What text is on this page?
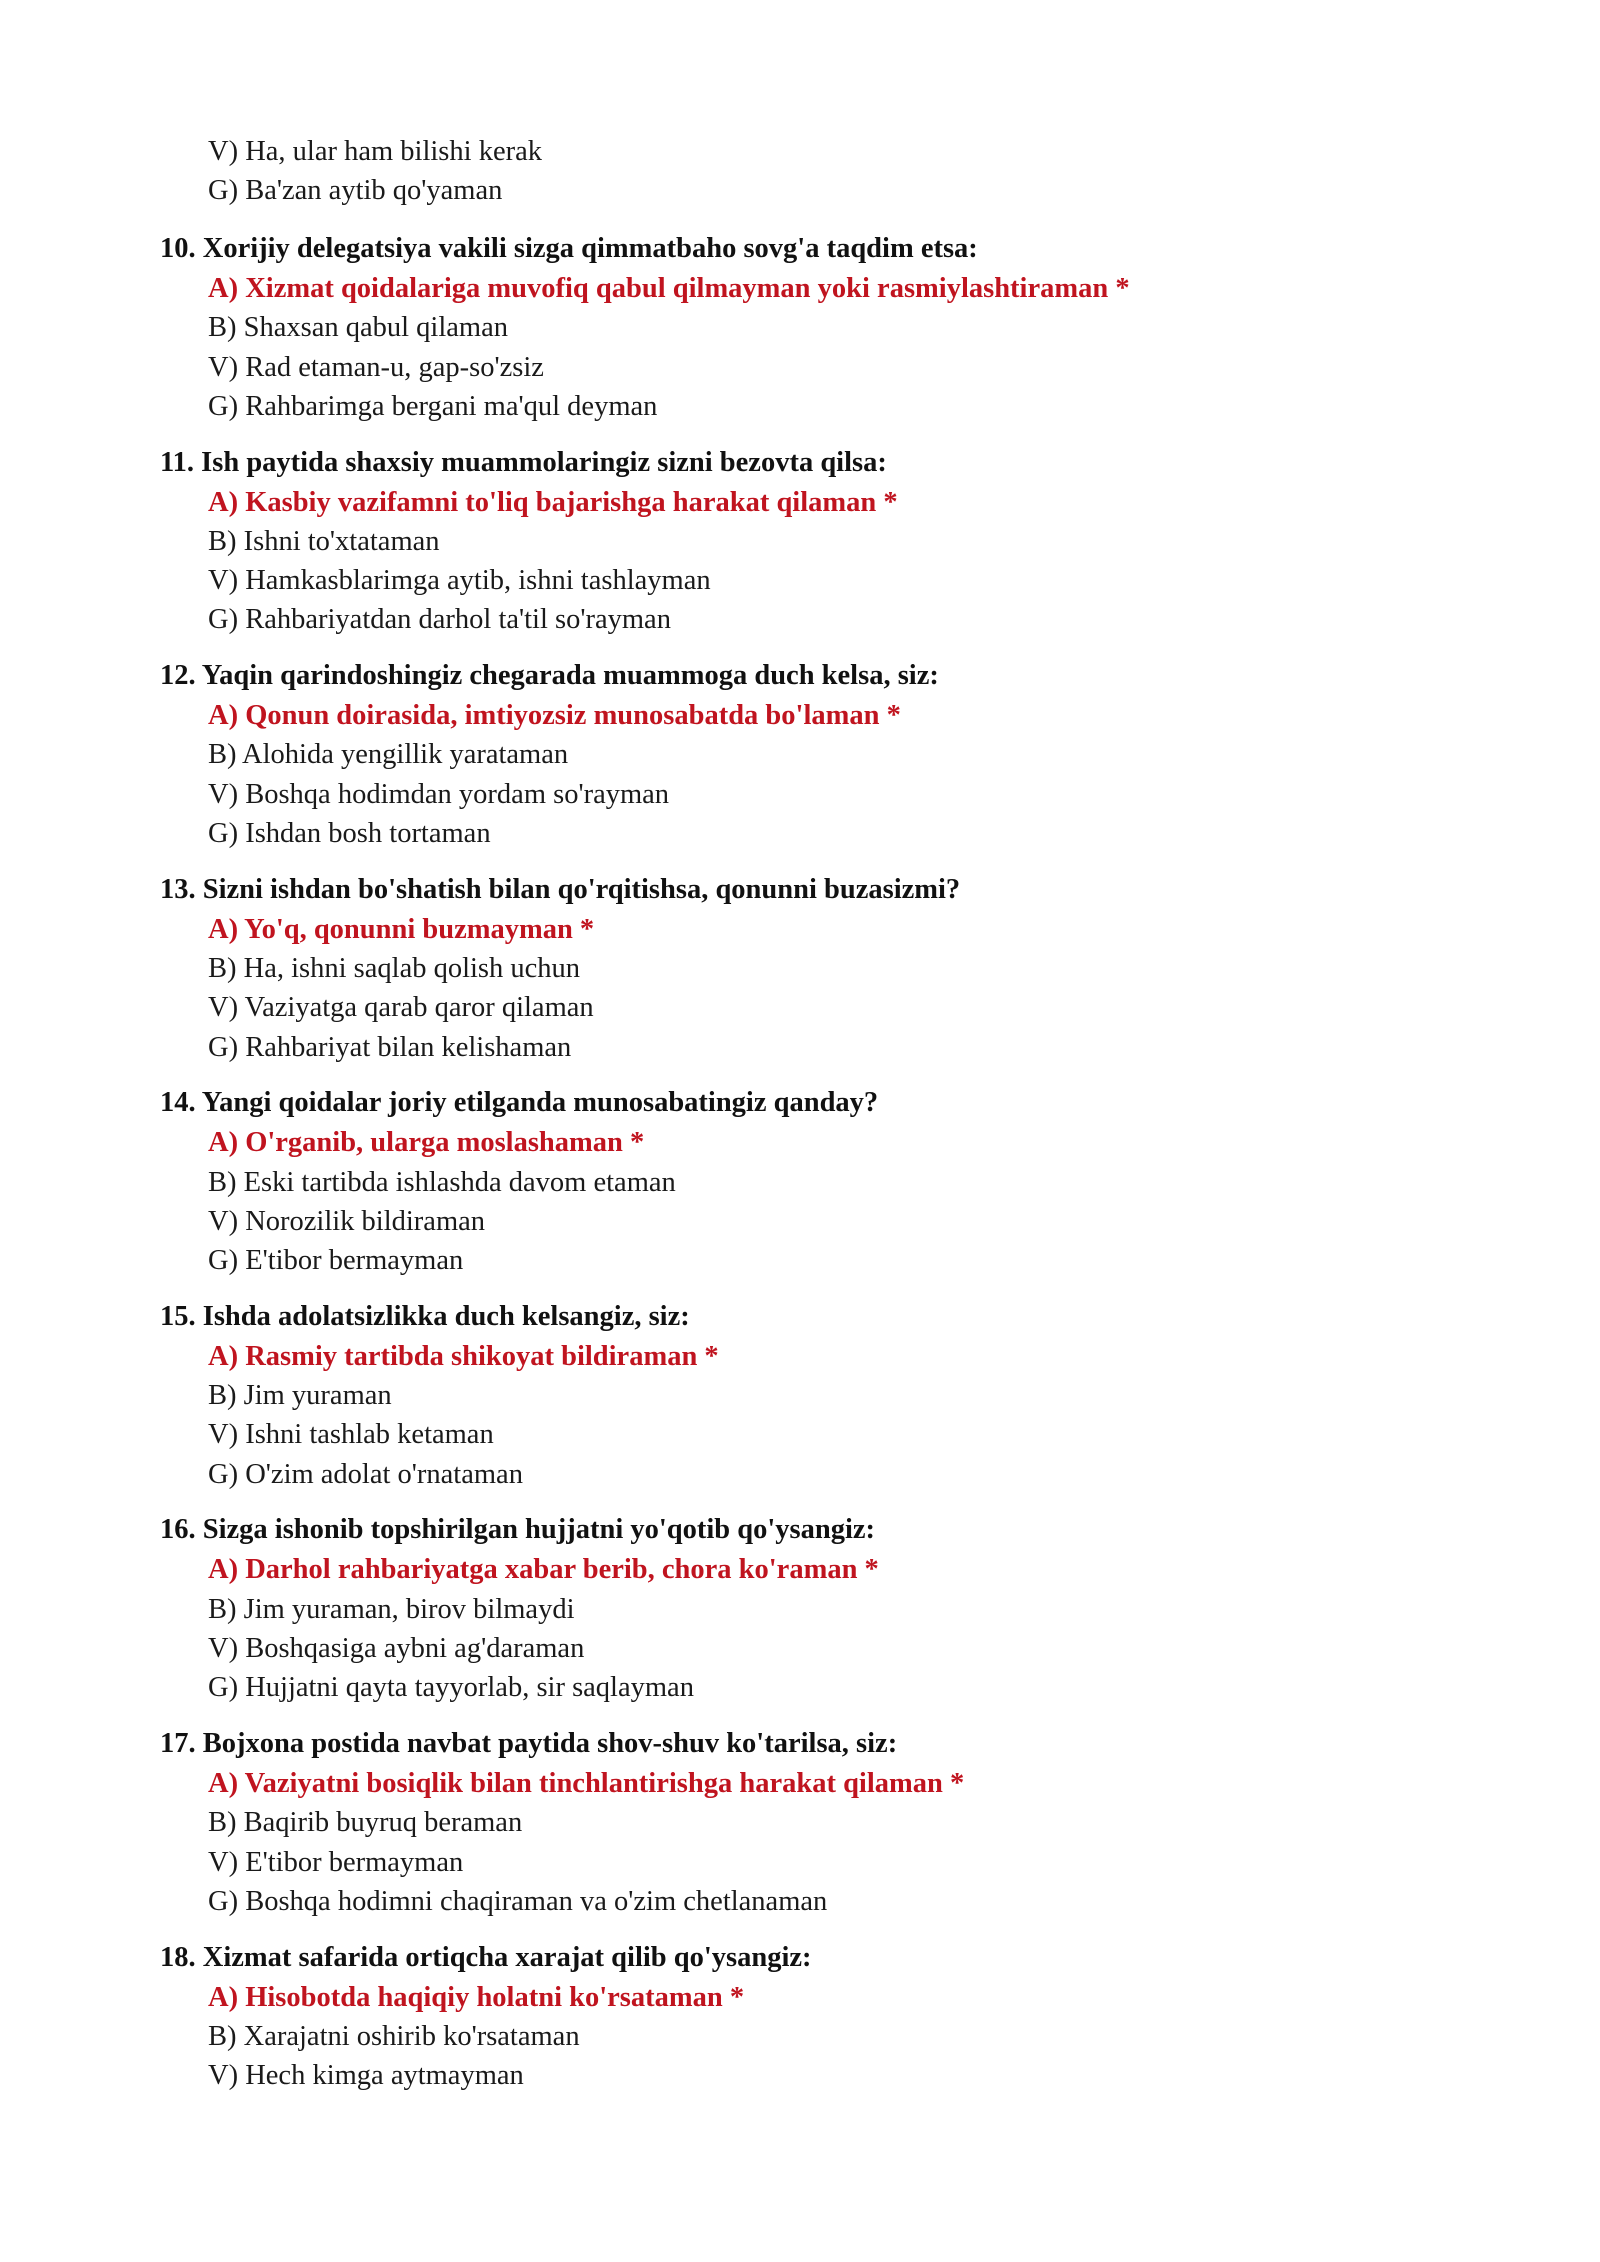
V) Ha, ular ham bilishi kerak
G) Ba'zan aytib qo'yaman
10. Xorijiy delegatsiya vakili sizga qimmatbaho sovg'a taqdim etsa:
A) Xizmat qoidalariga muvofiq qabul qilmayman yoki rasmiylashtiraman *
B) Shaxsan qabul qilaman
V) Rad etaman-u, gap-so'zsiz
G) Rahbarimga bergani ma'qul deyman
11. Ish paytida shaxsiy muammolaringiz sizni bezovta qilsa:
A) Kasbiy vazifamni to'liq bajarishga harakat qilaman *
B) Ishni to'xtataman
V) Hamkasblarimga aytib, ishni tashlayman
G) Rahbariyatdan darhol ta'til so'rayman
12. Yaqin qarindoshingiz chegarada muammoga duch kelsa, siz:
A) Qonun doirasida, imtiyozsiz munosabatda bo'laman *
B) Alohida yengillik yarataman
V) Boshqa hodimdan yordam so'rayman
G) Ishdan bosh tortaman
13. Sizni ishdan bo'shatish bilan qo'rqitishsa, qonunni buzasizmi?
A) Yo'q, qonunni buzmayman *
B) Ha, ishni saqlab qolish uchun
V) Vaziyatga qarab qaror qilaman
G) Rahbariyat bilan kelishaman
14. Yangi qoidalar joriy etilganda munosabatingiz qanday?
A) O'rganib, ularga moslashaman *
B) Eski tartibda ishlashda davom etaman
V) Norozilik bildiraman
G) E'tibor bermayman
15. Ishda adolatsizlikka duch kelsangiz, siz:
A) Rasmiy tartibda shikoyat bildiraman *
B) Jim yuraman
V) Ishni tashlab ketaman
G) O'zim adolat o'rnataman
16. Sizga ishonib topshirilgan hujjatni yo'qotib qo'ysangiz:
A) Darhol rahbariyatga xabar berib, chora ko'raman *
B) Jim yuraman, birov bilmaydi
V) Boshqasiga aybni ag'daraman
G) Hujjatni qayta tayyorlab, sir saqlayman
17. Bojxona postida navbat paytida shov-shuv ko'tarilsa, siz:
A) Vaziyatni bosiqlik bilan tinchlantirishga harakat qilaman *
B) Baqirib buyruq beraman
V) E'tibor bermayman
G) Boshqa hodimni chaqiraman va o'zim chetlanaman
18. Xizmat safarida ortiqcha xarajat qilib qo'ysangiz:
A) Hisobotda haqiqiy holatni ko'rsataman *
B) Xarajatni oshirib ko'rsataman
V) Hech kimga aytmayman
